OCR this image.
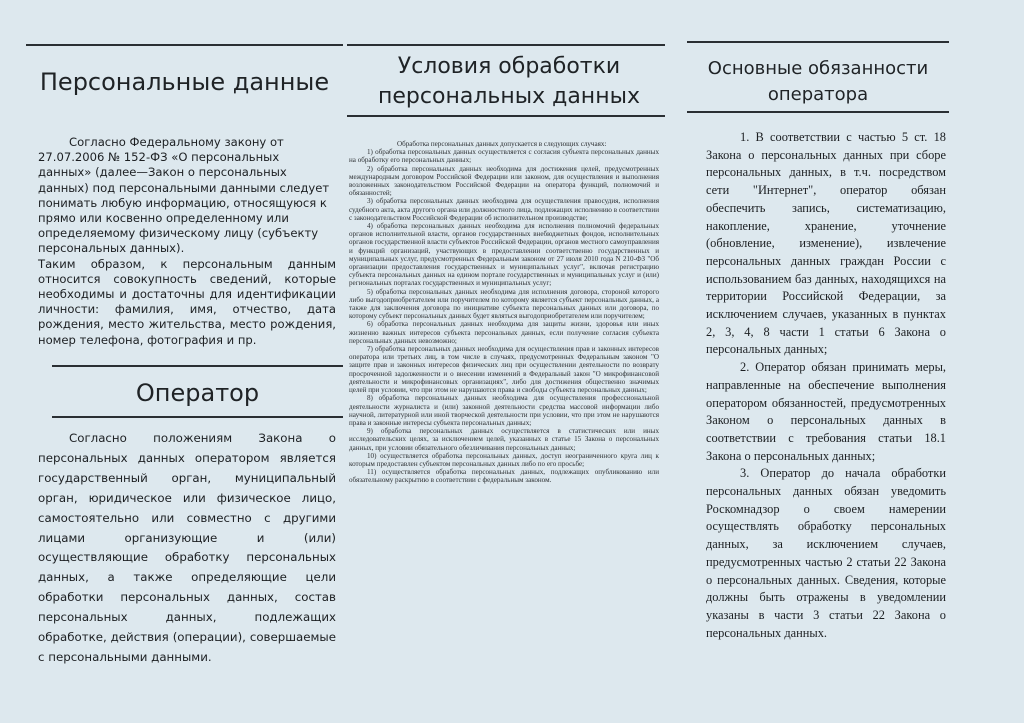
Персональные данные
Согласно Федеральному закону от 27.07.2006 № 152-ФЗ «О персональных данных» (далее—Закон о персональных данных) под персональными данными следует понимать любую информацию, относящуюся к прямо или косвенно определенному или определяемому физическому лицу (субъекту персональных данных).
Таким образом, к персональным данным относится совокупность сведений, которые необходимы и достаточны для идентификации личности: фамилия, имя, отчество, дата рождения, место жительства, место рождения, номер телефона, фотография и пр.
Оператор
Согласно положениям Закона о персональных данных оператором является государственный орган, муниципальный орган, юридическое или физическое лицо, самостоятельно или совместно с другими лицами организующие и (или) осуществляющие обработку персональных данных, а также определяющие цели обработки персональных данных, состав персональных данных, подлежащих обработке, действия (операции), совершаемые с персональными данными.
Условия обработки персональных данных

Обработка персональных данных допускается в следующих случаях:

1) обработка персональных данных осуществляется с согласия субъекта персональных данных на обработку его персональных данных;

2) обработка персональных данных необходима для достижения целей, предусмотренных международным договором Российской Федерации или законом, для осуществления и выполнения возложенных законодательством Российской Федерации на оператора функций, полномочий и обязанностей;

3) обработка персональных данных необходима для осуществления правосудия, исполнения судебного акта, акта другого органа или должностного лица, подлежащих исполнению в соответствии с законодательством Российской Федерации об исполнительном производстве;

4) обработка персональных данных необходима для исполнения полномочий федеральных органов исполнительной власти, органов государственных внебюджетных фондов, исполнительных органов государственной власти субъектов Российской Федерации, органов местного самоуправления и функций организаций, участвующих в предоставлении соответственно государственных и муниципальных услуг, предусмотренных Федеральным законом от 27 июля 2010 года N 210-ФЗ "Об организации предоставления государственных и муниципальных услуг", включая регистрацию субъекта персональных данных на едином портале государственных и муниципальных услуг и (или) региональных порталах государственных и муниципальных услуг;

5) обработка персональных данных необходима для исполнения договора, стороной которого либо выгодоприобретателем или поручителем по которому является субъект персональных данных, а также для заключения договора по инициативе субъекта персональных данных или договора, по которому субъект персональных данных будет являться выгодоприобретателем или поручителем;

6) обработка персональных данных необходима для защиты жизни, здоровья или иных жизненно важных интересов субъекта персональных данных, если получение согласия субъекта персональных данных невозможно;

7) обработка персональных данных необходима для осуществления прав и законных интересов оператора или третьих лиц, в том числе в случаях, предусмотренных Федеральным законом "О защите прав и законных интересов физических лиц при осуществлении деятельности по возврату просроченной задолженности и о внесении изменений в Федеральный закон "О микрофинансовой деятельности и микрофинансовых организациях", либо для достижения общественно значимых целей при условии, что при этом не нарушаются права и свободы субъекта персональных данных;

8) обработка персональных данных необходима для осуществления профессиональной деятельности журналиста и (или) законной деятельности средства массовой информации либо научной, литературной или иной творческой деятельности при условии, что при этом не нарушаются права и законные интересы субъекта персональных данных;

9) обработка персональных данных осуществляется в статистических или иных исследовательских целях, за исключением целей, указанных в статье 15 Закона о персональных данных, при условии обязательного обезличивания персональных данных;

10) осуществляется обработка персональных данных, доступ неограниченного круга лиц к которым предоставлен субъектом персональных данных либо по его просьбе;

11) осуществляется обработка персональных данных, подлежащих опубликованию или обязательному раскрытию в соответствии с федеральным законом.

Основные обязанности оператора

1. В соответствии с частью 5 ст. 18 Закона о персональных данных при сборе персональных данных, в т.ч. посредством сети "Интернет", оператор обязан обеспечить запись, систематизацию, накопление, хранение, уточнение (обновление, изменение), извлечение персональных данных граждан России с использованием баз данных, находящихся на территории Российской Федерации, за исключением случаев, указанных в пунктах 2, 3, 4, 8 части 1 статьи 6 Закона о персональных данных;

2. Оператор обязан принимать меры, направленные на обеспечение выполнения оператором обязанностей, предусмотренных Законом о персональных данных в соответствии с требования статьи 18.1 Закона о персональных данных;

3. Оператор до начала обработки персональных данных обязан уведомить Роскомнадзор о своем намерении осуществлять обработку персональных данных, за исключением случаев, предусмотренных частью 2 статьи 22 Закона о персональных данных. Сведения, которые должны быть отражены в уведомлении указаны в части 3 статьи 22 Закона о персональных данных.
